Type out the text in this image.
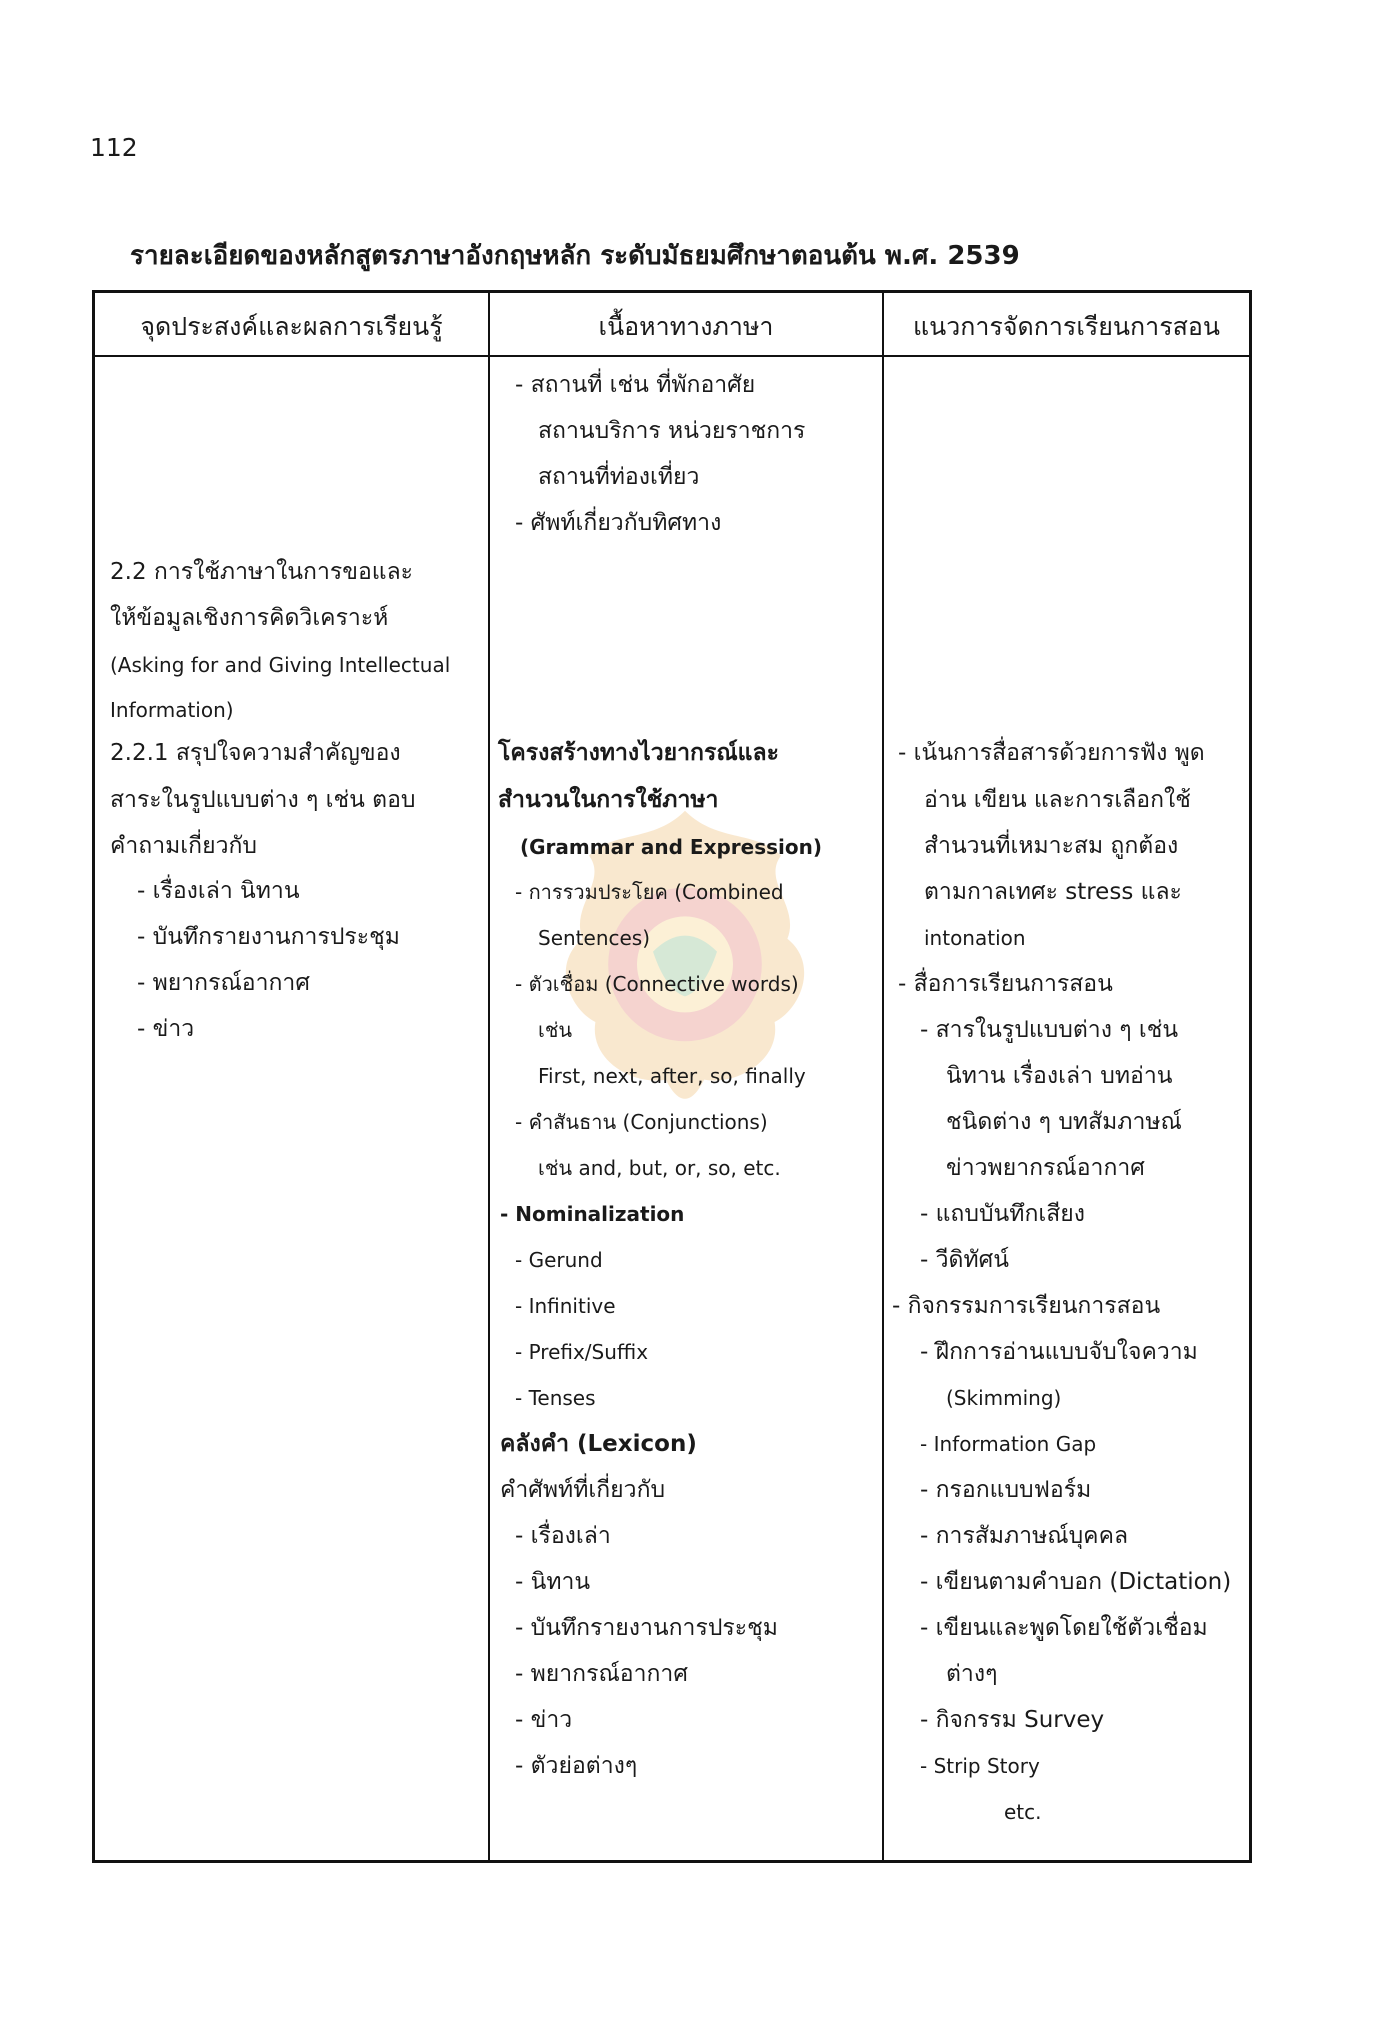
112
รายละเอียดของหลักสูตรภาษาอังกฤษหลัก ระดับมัธยมศึกษาตอนต้น พ.ศ. 2539
จุดประสงค์และผลการเรียนรู้	เนื้อหาทางภาษา	แนวการจัดการเรียนการสอน
2.2 การใช้ภาษาในการขอและ
ให้ข้อมูลเชิงการคิดวิเคราะห์
(Asking for and Giving Intellectual
Information)
2.2.1 สรุปใจความสำคัญของ
สาระในรูปแบบต่าง ๆ เช่น ตอบ
คำถามเกี่ยวกับ
- เรื่องเล่า นิทาน
- บันทึกรายงานการประชุม
- พยากรณ์อากาศ
- ข่าว
- สถานที่ เช่น ที่พักอาศัย
สถานบริการ หน่วยราชการ
สถานที่ท่องเที่ยว
- ศัพท์เกี่ยวกับทิศทาง
โครงสร้างทางไวยากรณ์และ
สำนวนในการใช้ภาษา
(Grammar and Expression)
- การรวมประโยค (Combined
Sentences)
- ตัวเชื่อม (Connective words)
เช่น
First, next, after, so, finally
- คำสันธาน (Conjunctions)
เช่น and, but, or, so, etc.
- Nominalization
- Gerund
- Infinitive
- Prefix/Suffix
- Tenses
คลังคำ (Lexicon)
คำศัพท์ที่เกี่ยวกับ
- เรื่องเล่า
- นิทาน
- บันทึกรายงานการประชุม
- พยากรณ์อากาศ
- ข่าว
- ตัวย่อต่างๆ
- เน้นการสื่อสารด้วยการฟัง พูด
อ่าน เขียน และการเลือกใช้
สำนวนที่เหมาะสม ถูกต้อง
ตามกาลเทศะ stress และ
intonation
- สื่อการเรียนการสอน
- สารในรูปแบบต่าง ๆ เช่น
นิทาน เรื่องเล่า บทอ่าน
ชนิดต่าง ๆ บทสัมภาษณ์
ข่าวพยากรณ์อากาศ
- แถบบันทึกเสียง
- วีดิทัศน์
- กิจกรรมการเรียนการสอน
- ฝึกการอ่านแบบจับใจความ
(Skimming)
- Information Gap
- กรอกแบบฟอร์ม
- การสัมภาษณ์บุคคล
- เขียนตามคำบอก (Dictation)
- เขียนและพูดโดยใช้ตัวเชื่อม
ต่างๆ
- กิจกรรม Survey
- Strip Story
etc.
